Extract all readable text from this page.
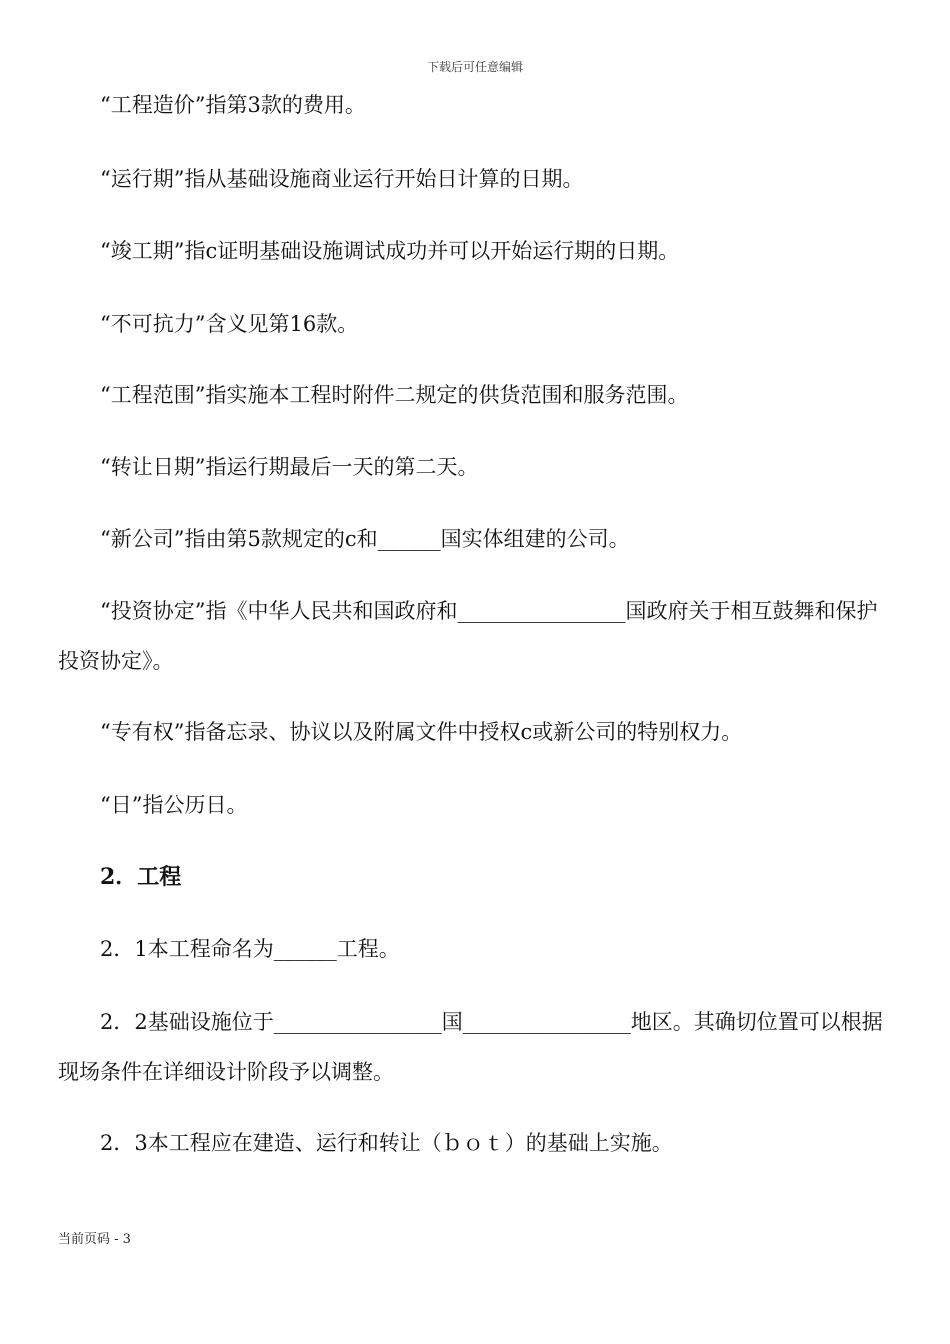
下载后可任意编辑
“工程造价”指第3款的费用。
“运行期”指从基础设施商业运行开始日计算的日期。
“竣工期”指c证明基础设施调试成功并可以开始运行期的日期。
“不可抗力”含义见第16款。
“工程范围”指实施本工程时附件二规定的供货范围和服务范围。
“转让日期”指运行期最后一天的第二天。
“新公司”指由第5款规定的c和______国实体组建的公司。
“投资协定”指《中华人民共和国政府和________________国政府关于相互鼓舞和保护投资协定》。
“专有权”指备忘录、协议以及附属文件中授权c或新公司的特别权力。
“日”指公历日。
2．工程
2．1本工程命名为______工程。
2．2基础设施位于________________国________________地区。其确切位置可以根据现场条件在详细设计阶段予以调整。
2．3本工程应在建造、运行和转让（ｂｏｔ）的基础上实施。
当前页码 - 3
